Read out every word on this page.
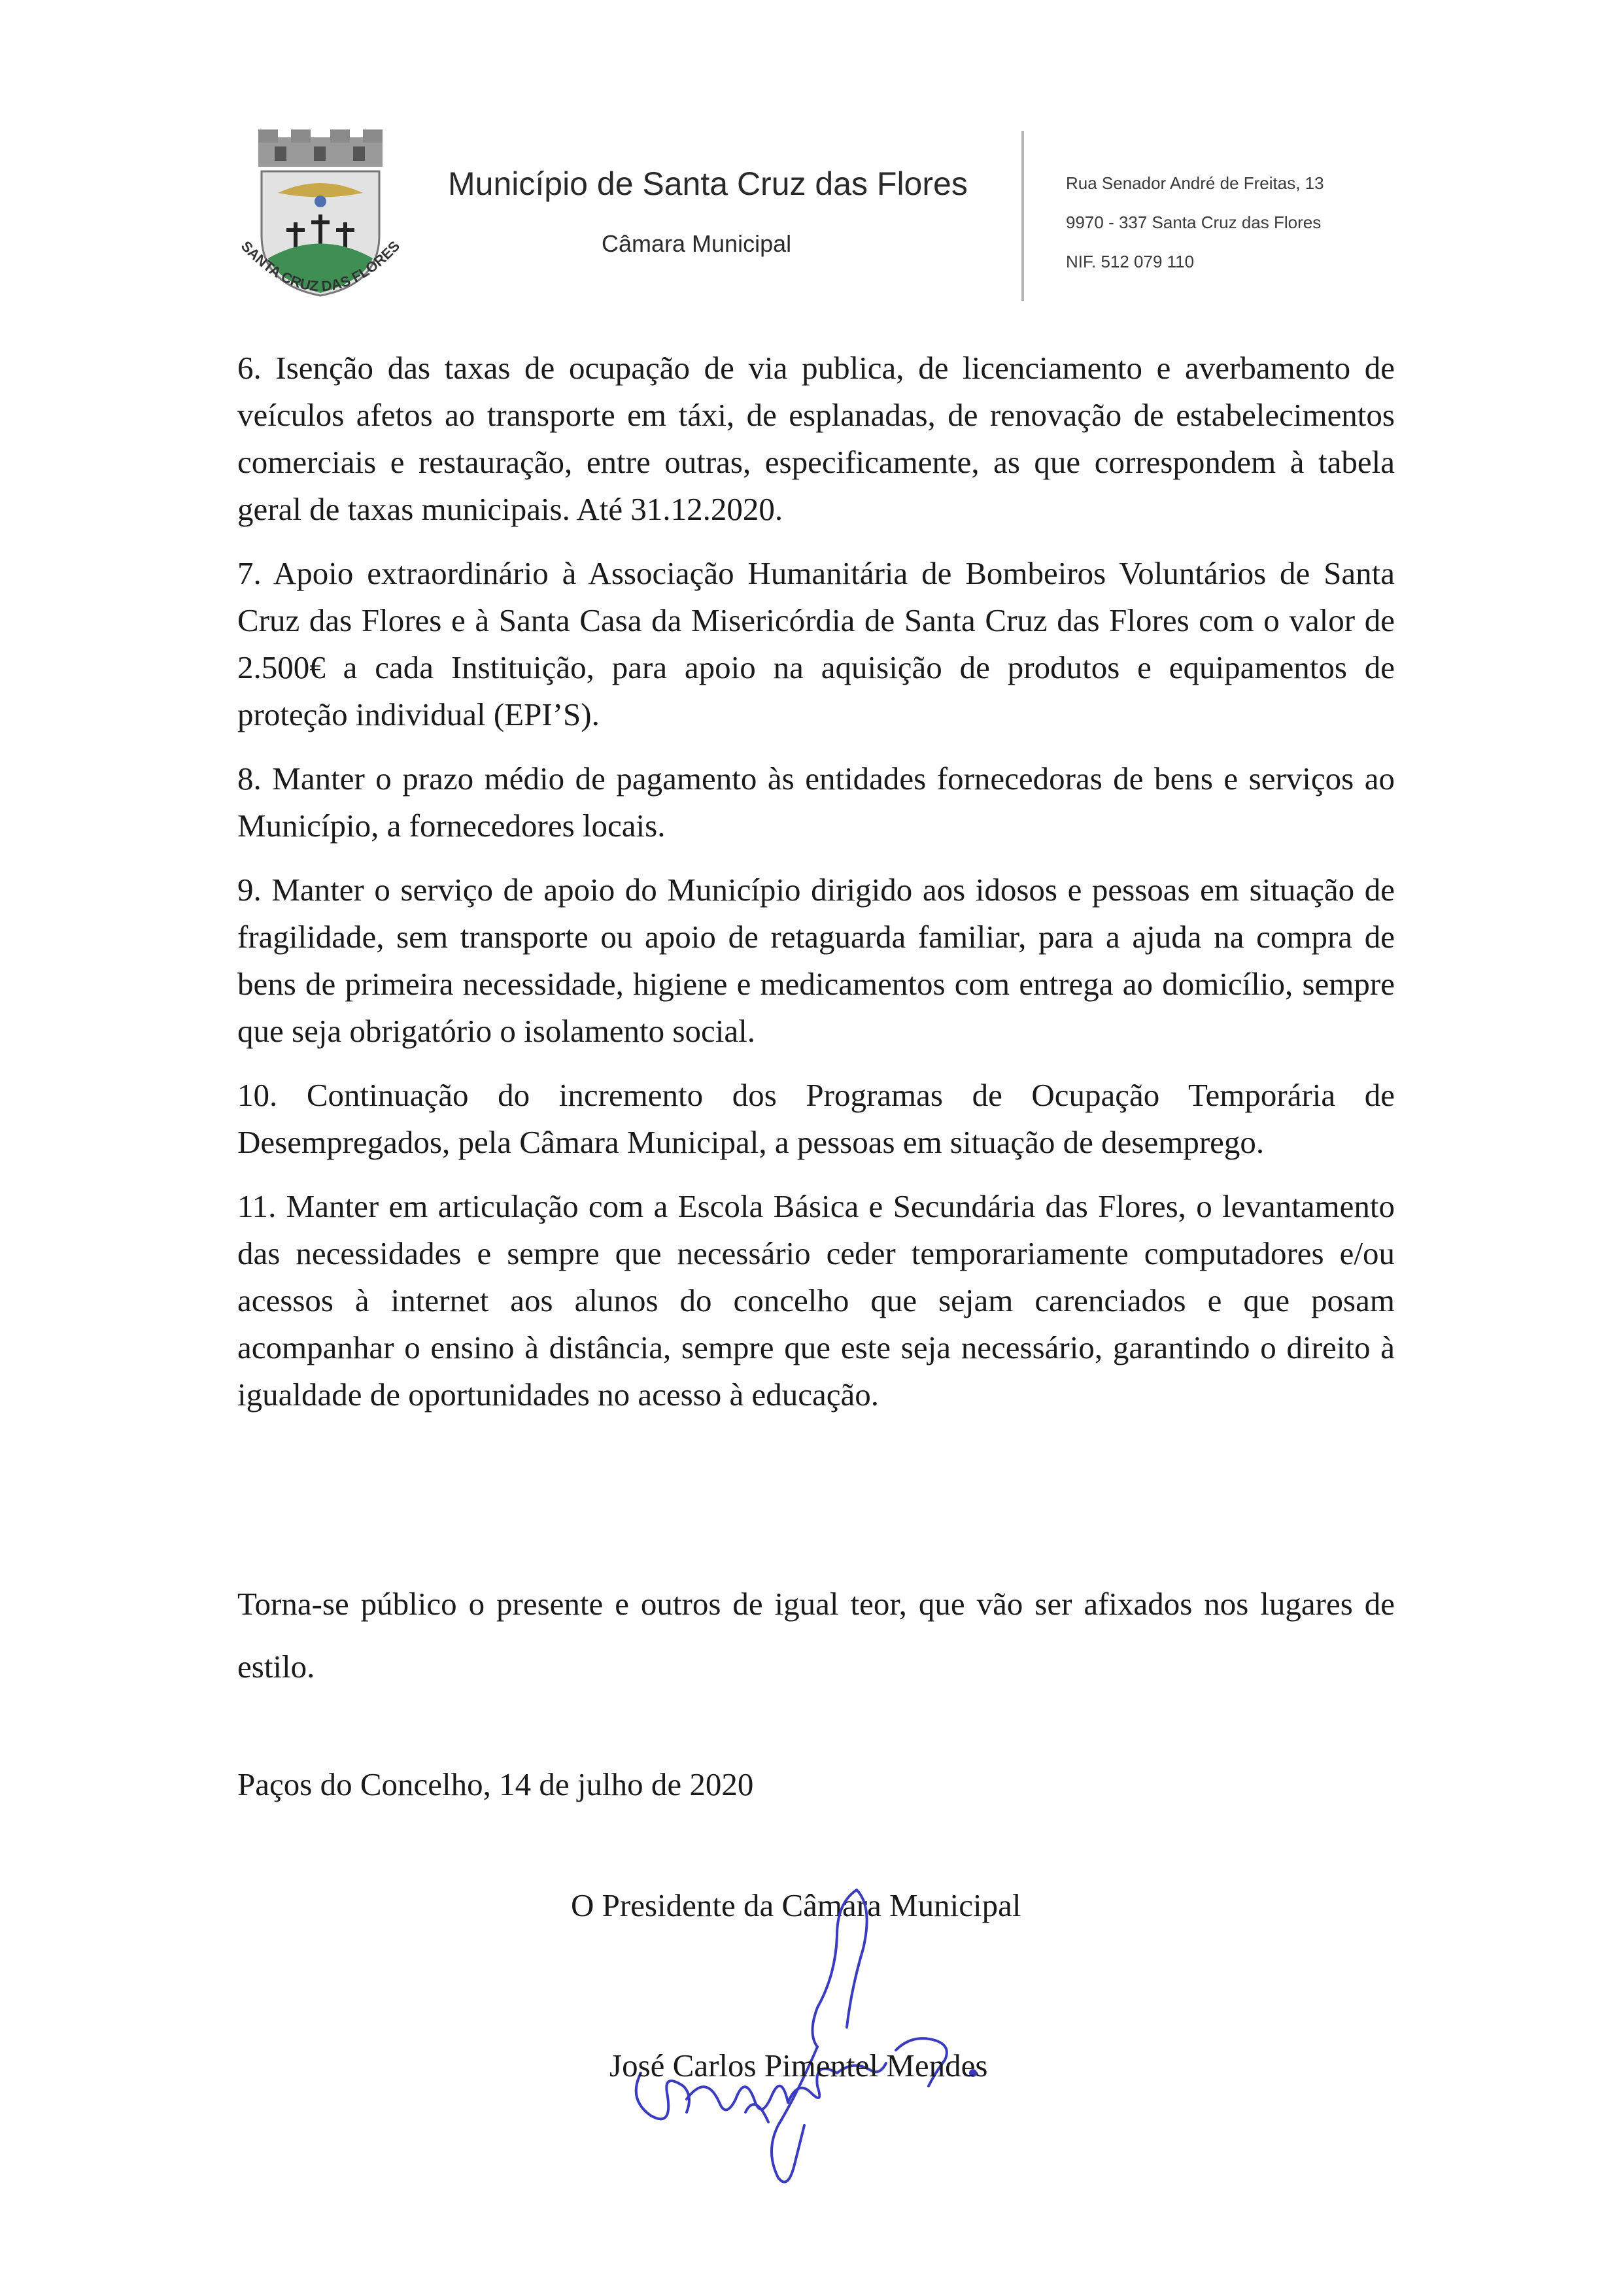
SANTA CRUZ DAS FLORES
Município de Santa Cruz das Flores
Câmara Municipal
Rua Senador André de Freitas, 13
9970 - 337 Santa Cruz das Flores
NIF. 512 079 110

6. Isenção das taxas de ocupação de via publica, de licenciamento e averbamento de veículos afetos ao transporte em táxi, de esplanadas, de renovação de estabelecimentos comerciais e restauração, entre outras, especificamente, as que correspondem à tabela geral de taxas municipais. Até 31.12.2020.

7. Apoio extraordinário à Associação Humanitária de Bombeiros Voluntários de Santa Cruz das Flores e à Santa Casa da Misericórdia de Santa Cruz das Flores com o valor de 2.500€ a cada Instituição, para apoio na aquisição de produtos e equipamentos de proteção individual (EPI’S).

8. Manter o prazo médio de pagamento às entidades fornecedoras de bens e serviços ao Município, a fornecedores locais.

9. Manter o serviço de apoio do Município dirigido aos idosos e pessoas em situação de fragilidade, sem transporte ou apoio de retaguarda familiar, para a ajuda na compra de bens de primeira necessidade, higiene e medicamentos com entrega ao domicílio, sempre que seja obrigatório o isolamento social.

10. Continuação do incremento dos Programas de Ocupação Temporária de Desempregados, pela Câmara Municipal, a pessoas em situação de desemprego.

11. Manter em articulação com a Escola Básica e Secundária das Flores, o levantamento das necessidades e sempre que necessário ceder temporariamente computadores e/ou acessos à internet aos alunos do concelho que sejam carenciados e que posam acompanhar o ensino à distância, sempre que este seja necessário, garantindo o direito à igualdade de oportunidades no acesso à educação.

Torna-se público o presente e outros de igual teor, que vão ser afixados nos lugares de estilo.
Paços do Concelho, 14 de julho de 2020
O Presidente da Câmara Municipal
José Carlos Pimentel Mendes
